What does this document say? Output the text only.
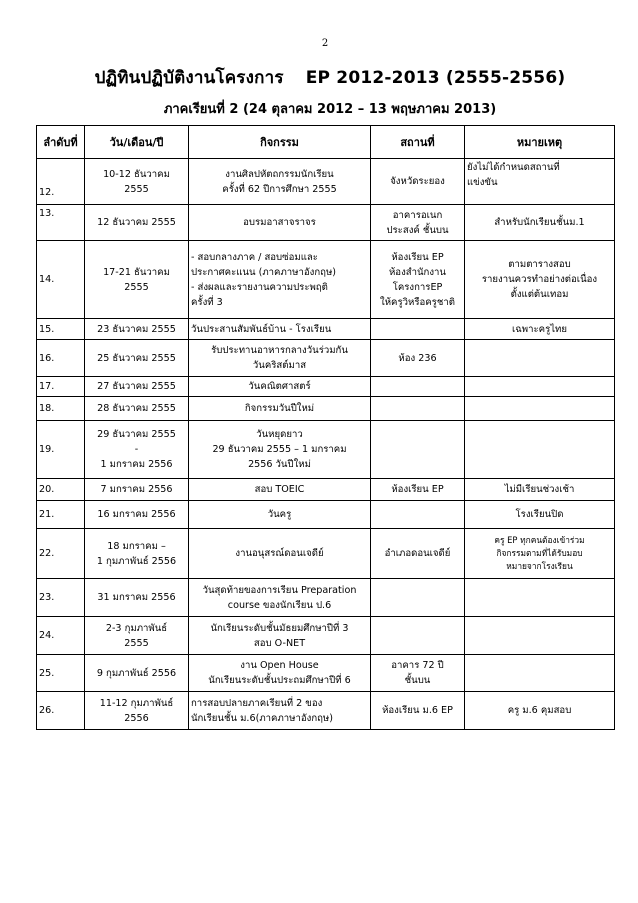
2
ปฏิทินปฏิบัติงานโครงการ EP 2012-2013 (2555-2556)
ภาคเรียนที่ 2 (24 ตุลาคม 2012 – 13 พฤษภาคม 2013)
ลำดับที่	วัน/เดือน/ปี	กิจกรรม	สถานที่	หมายเหตุ
12.	10-12 ธันวาคม
2555	งานศิลปหัตถกรรมนักเรียน
ครั้งที่ 62 ปีการศึกษา 2555	จังหวัดระยอง	ยังไม่ได้กำหนดสถานที่
แข่งขัน

13.	12 ธันวาคม 2555	อบรมอาสาจราจร	อาคารอเนก
ประสงค์ ชั้นบน	สำหรับนักเรียนชั้นม.1

14.	17-21 ธันวาคม
2555	- สอบกลางภาค / สอบซ่อมและ
ประกาศคะแนน (ภาคภาษาอังกฤษ)
- ส่งผลและรายงานความประพฤติ
ครั้งที่ 3	ห้องเรียน EP
ห้องสำนักงาน
โครงการEP
ให้ครูวิหรือครูชาติ	ตามตารางสอบ
รายงานควรทำอย่างต่อเนื่อง
ตั้งแต่ต้นเทอม

15.	23 ธันวาคม 2555	วันประสานสัมพันธ์บ้าน - โรงเรียน		เฉพาะครูไทย

16.	25 ธันวาคม 2555	รับประทานอาหารกลางวันร่วมกัน
วันคริสต์มาส	ห้อง 236	

17.	27 ธันวาคม 2555	วันคณิตศาสตร์		

18.	28 ธันวาคม 2555	กิจกรรมวันปีใหม่		

19.	29 ธันวาคม 2555
-
1 มกราคม 2556	วันหยุดยาว
29 ธันวาคม 2555 – 1 มกราคม
2556 วันปีใหม่		

20.	7 มกราคม 2556	สอบ TOEIC	ห้องเรียน EP	ไม่มีเรียนช่วงเช้า

21.	16 มกราคม 2556	วันครู		โรงเรียนปิด

22.	18 มกราคม –
1 กุมภาพันธ์ 2556	งานอนุสรณ์ดอนเจดีย์	อำเภอดอนเจดีย์	ครู EP ทุกคนต้องเข้าร่วม
กิจกรรมตามที่ได้รับมอบ
หมายจากโรงเรียน

23.	31 มกราคม 2556	วันสุดท้ายของการเรียน Preparation
course ของนักเรียน ป.6		

24.	2-3 กุมภาพันธ์
2555	นักเรียนระดับชั้นมัธยมศึกษาปีที่ 3
สอบ O-NET		

25.	9 กุมภาพันธ์ 2556	งาน Open House
นักเรียนระดับชั้นประถมศึกษาปีที่ 6	อาคาร 72 ปี
ชั้นบน	

26.	11-12 กุมภาพันธ์
2556	การสอบปลายภาคเรียนที่ 2 ของ
นักเรียนชั้น ม.6(ภาคภาษาอังกฤษ)	ห้องเรียน ม.6 EP	ครู ม.6 คุมสอบ
